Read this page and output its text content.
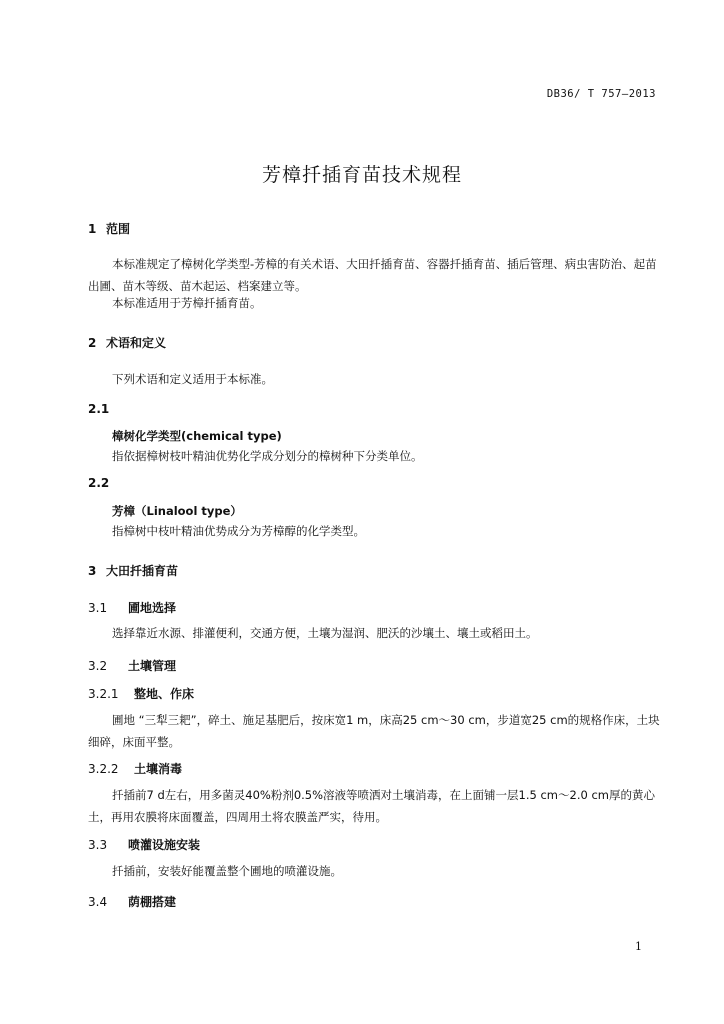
DB36/ T 757—2013
芳樟扦插育苗技术规程
1 范围
本标准规定了樟树化学类型-芳樟的有关术语、大田扦插育苗、容器扦插育苗、插后管理、病虫害防治、起苗出圃、苗木等级、苗木起运、档案建立等。
本标准适用于芳樟扦插育苗。
2 术语和定义
下列术语和定义适用于本标准。
2.1
樟树化学类型(chemical type)
指依据樟树枝叶精油优势化学成分划分的樟树种下分类单位。
2.2
芳樟（Linalool type）
指樟树中枝叶精油优势成分为芳樟醇的化学类型。
3 大田扦插育苗
3.1 圃地选择
选择靠近水源、排灌便利，交通方便，土壤为湿润、肥沃的沙壤土、壤土或稻田土。
3.2 土壤管理
3.2.1 整地、作床
圃地 “三犁三耙”，碎土、施足基肥后，按床宽1 m，床高25 cm～30 cm，步道宽25 cm的规格作床，土块细碎，床面平整。
3.2.2 土壤消毒
扦插前7 d左右，用多菌灵40%粉剂0.5%溶液等喷洒对土壤消毒，在上面铺一层1.5 cm～2.0 cm厚的黄心土，再用农膜将床面覆盖，四周用土将农膜盖严实，待用。
3.3 喷灌设施安装
扦插前，安装好能覆盖整个圃地的喷灌设施。
3.4 荫棚搭建
1
